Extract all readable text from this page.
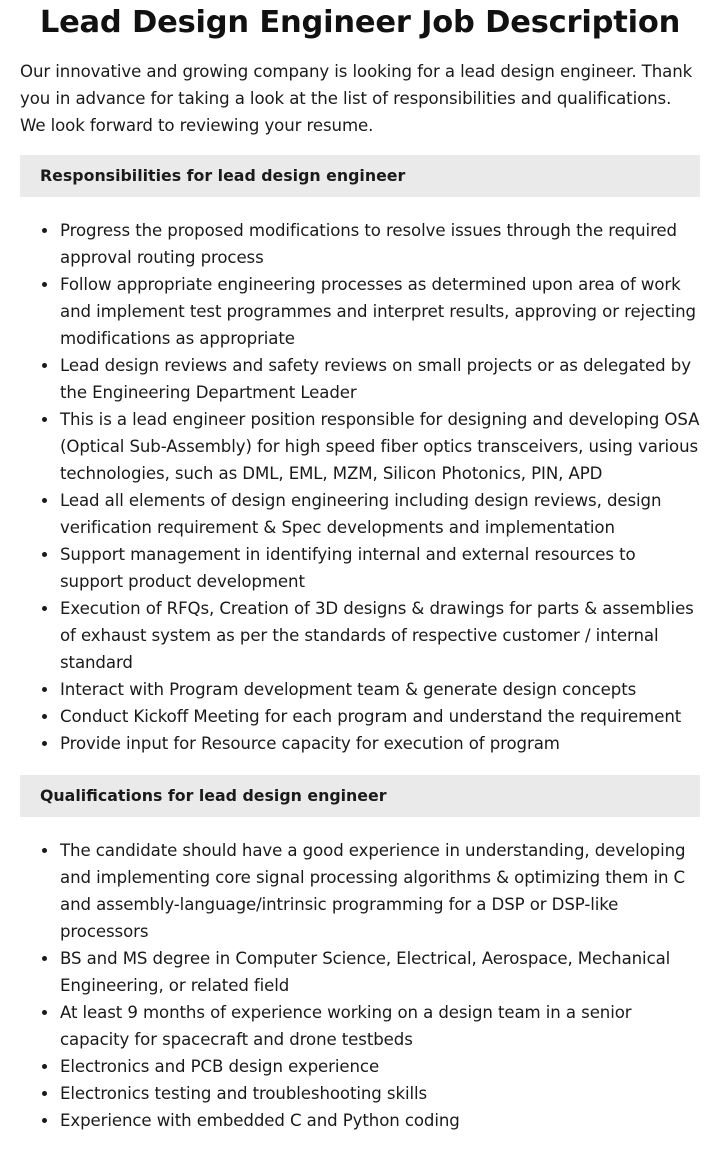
Lead Design Engineer Job Description

Our innovative and growing company is looking for a lead design engineer. Thank you in advance for taking a look at the list of responsibilities and qualifications. We look forward to reviewing your resume.

Responsibilities for lead design engineer
Progress the proposed modifications to resolve issues through the required approval routing process
Follow appropriate engineering processes as determined upon area of work and implement test programmes and interpret results, approving or rejecting modifications as appropriate
Lead design reviews and safety reviews on small projects or as delegated by the Engineering Department Leader
This is a lead engineer position responsible for designing and developing OSA (Optical Sub-Assembly) for high speed fiber optics transceivers, using various technologies, such as DML, EML, MZM, Silicon Photonics, PIN, APD
Lead all elements of design engineering including design reviews, design verification requirement & Spec developments and implementation
Support management in identifying internal and external resources to support product development
Execution of RFQs, Creation of 3D designs & drawings for parts & assemblies of exhaust system as per the standards of respective customer / internal standard
Interact with Program development team & generate design concepts
Conduct Kickoff Meeting for each program and understand the requirement
Provide input for Resource capacity for execution of program
Qualifications for lead design engineer
The candidate should have a good experience in understanding, developing and implementing core signal processing algorithms & optimizing them in C and assembly-language/intrinsic programming for a DSP or DSP-like processors
BS and MS degree in Computer Science, Electrical, Aerospace, Mechanical Engineering, or related field
At least 9 months of experience working on a design team in a senior capacity for spacecraft and drone testbeds
Electronics and PCB design experience
Electronics testing and troubleshooting skills
Experience with embedded C and Python coding
